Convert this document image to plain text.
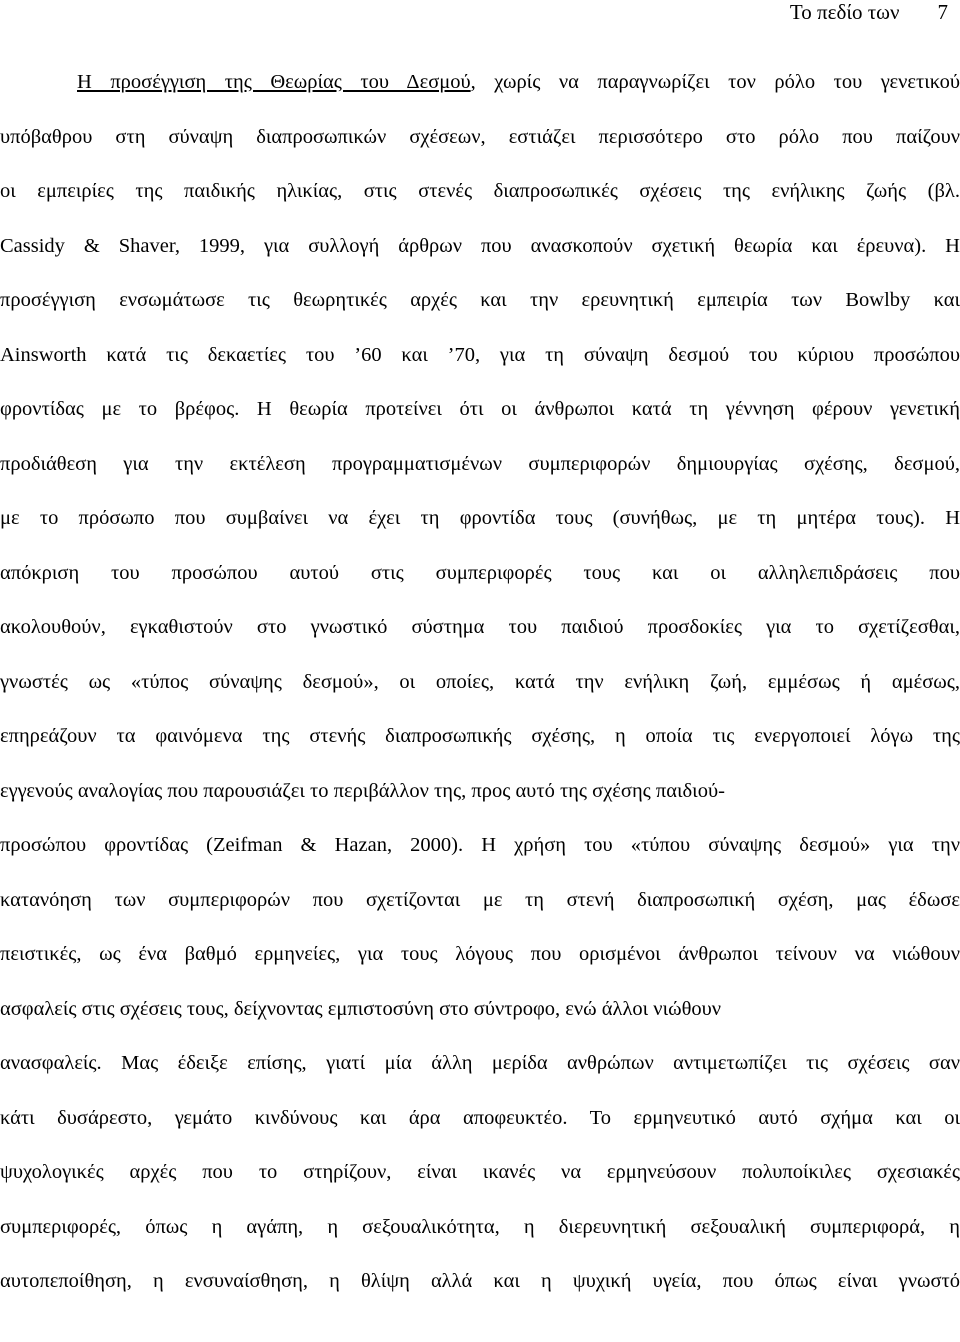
Το πεδίο των 7
Η προσέγγιση της Θεωρίας του Δεσμού, χωρίς να παραγνωρίζει τον ρόλο του γενετικού
υπόβαθρου στη σύναψη διαπροσωπικών σχέσεων, εστιάζει περισσότερο στο ρόλο που παίζουν
οι εμπειρίες της παιδικής ηλικίας, στις στενές διαπροσωπικές σχέσεις της ενήλικης ζωής (βλ.
Cassidy & Shaver, 1999, για συλλογή άρθρων που ανασκοπούν σχετική θεωρία και έρευνα). Η
προσέγγιση ενσωμάτωσε τις θεωρητικές αρχές και την ερευνητική εμπειρία των Bowlby και
Ainsworth κατά τις δεκαετίες του ’60 και ’70, για τη σύναψη δεσμού του κύριου προσώπου
φροντίδας με το βρέφος. Η θεωρία προτείνει ότι οι άνθρωποι κατά τη γέννηση φέρουν γενετική
προδιάθεση για την εκτέλεση προγραμματισμένων συμπεριφορών δημιουργίας σχέσης, δεσμού,
με το πρόσωπο που συμβαίνει να έχει τη φροντίδα τους (συνήθως, με τη μητέρα τους). Η
απόκριση του προσώπου αυτού στις συμπεριφορές τους και οι αλληλεπιδράσεις που
ακολουθούν, εγκαθιστούν στο γνωστικό σύστημα του παιδιού προσδοκίες για το σχετίζεσθαι,
γνωστές ως «τύπος σύναψης δεσμού», οι οποίες, κατά την ενήλικη ζωή, εμμέσως ή αμέσως,
επηρεάζουν τα φαινόμενα της στενής διαπροσωπικής σχέσης, η οποία τις ενεργοποιεί λόγω της
εγγενούς αναλογίας που παρουσιάζει το περιβάλλον της, προς αυτό της σχέσης παιδιού-
προσώπου φροντίδας (Zeifman & Hazan, 2000). Η χρήση του «τύπου σύναψης δεσμού» για την
κατανόηση των συμπεριφορών που σχετίζονται με τη στενή διαπροσωπική σχέση, μας έδωσε
πειστικές, ως ένα βαθμό ερμηνείες, για τους λόγους που ορισμένοι άνθρωποι τείνουν να νιώθουν
ασφαλείς στις σχέσεις τους, δείχνοντας εμπιστοσύνη στο σύντροφο, ενώ άλλοι νιώθουν
ανασφαλείς. Μας έδειξε επίσης, γιατί μία άλλη μερίδα ανθρώπων αντιμετωπίζει τις σχέσεις σαν
κάτι δυσάρεστο, γεμάτο κινδύνους και άρα αποφευκτέο. Το ερμηνευτικό αυτό σχήμα και οι
ψυχολογικές αρχές που το στηρίζουν, είναι ικανές να ερμηνεύσουν πολυποίκιλες σχεσιακές
συμπεριφορές, όπως η αγάπη, η σεξουαλικότητα, η διερευνητική σεξουαλική συμπεριφορά, η
αυτοπεπoίθηση, η ενσυναίσθηση, η θλίψη αλλά και η ψυχική υγεία, που όπως είναι γνωστό
